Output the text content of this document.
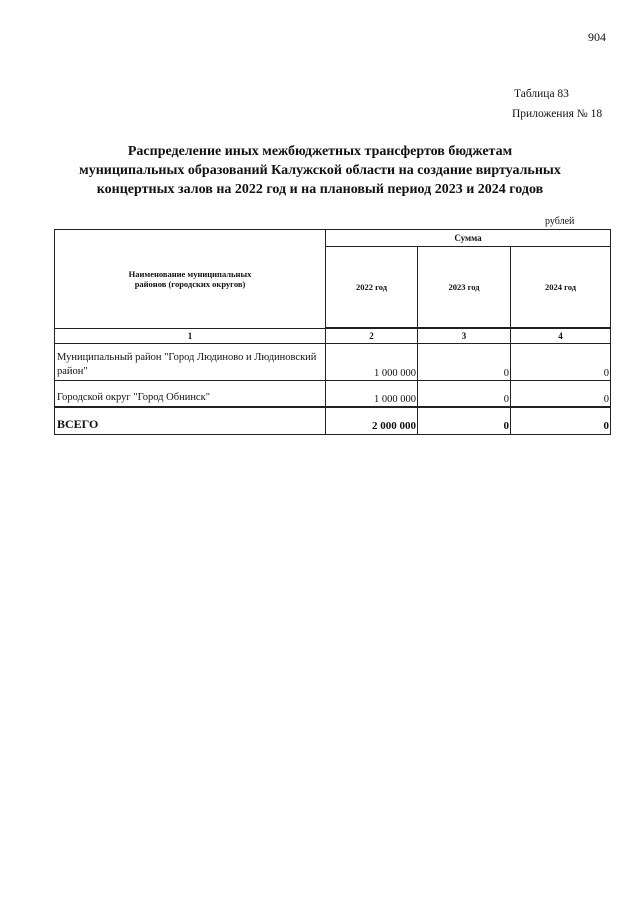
904
Таблица 83
Приложения № 18
Распределение иных межбюджетных трансфертов бюджетам
муниципальных образований Калужской области на создание виртуальных
концертных залов на 2022 год и на плановый период 2023 и 2024 годов
рублей
Наименование муниципальных районов (городских округов)	Сумма		
	2022 год	2023 год	2024 год
1	2	3	4
Муниципальный район "Город Людиново и Людиновский район"	1 000 000	0	0
Городской округ "Город Обнинск"	1 000 000	0	0
ВСЕГО	2 000 000	0	0
